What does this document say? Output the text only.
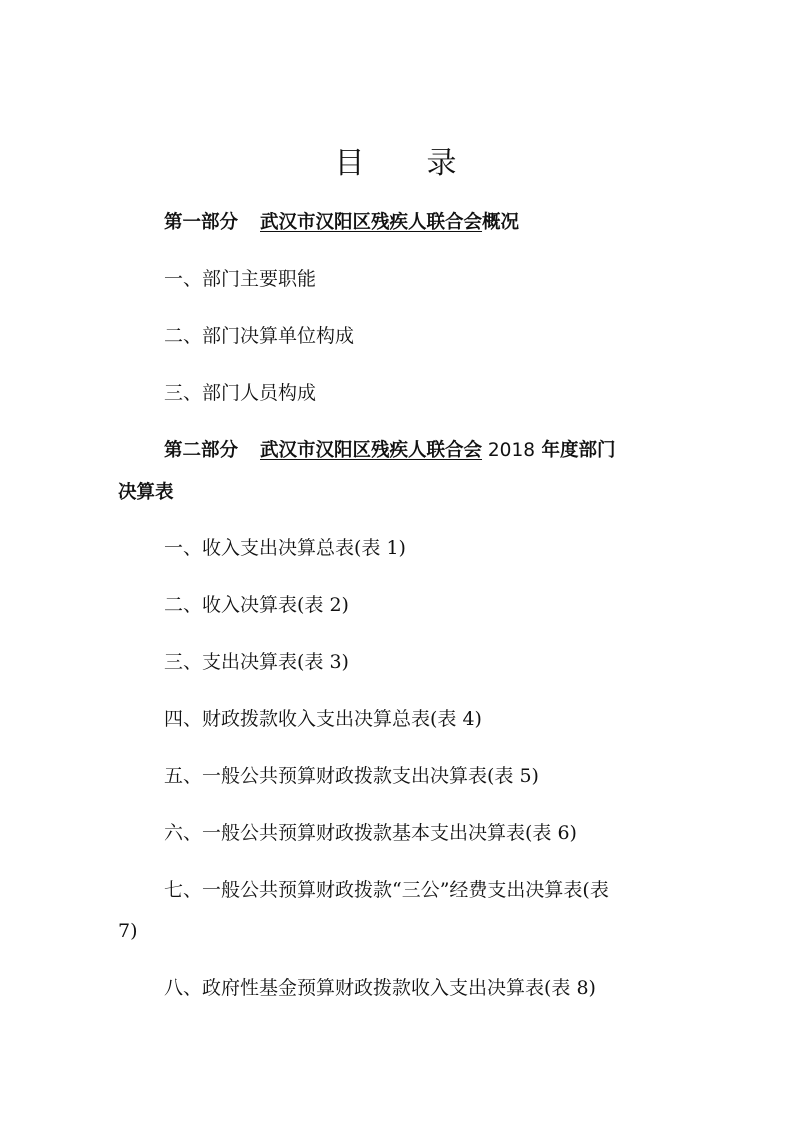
目 录
第一部分 武汉市汉阳区残疾人联合会概况
一、部门主要职能
二、部门决算单位构成
三、部门人员构成
第二部分 武汉市汉阳区残疾人联合会 2018 年度部门
决算表
一、收入支出决算总表(表 1)
二、收入决算表(表 2)
三、支出决算表(表 3)
四、财政拨款收入支出决算总表(表 4)
五、一般公共预算财政拨款支出决算表(表 5)
六、一般公共预算财政拨款基本支出决算表(表 6)
七、一般公共预算财政拨款“三公”经费支出决算表(表
7)
八、政府性基金预算财政拨款收入支出决算表(表 8)
